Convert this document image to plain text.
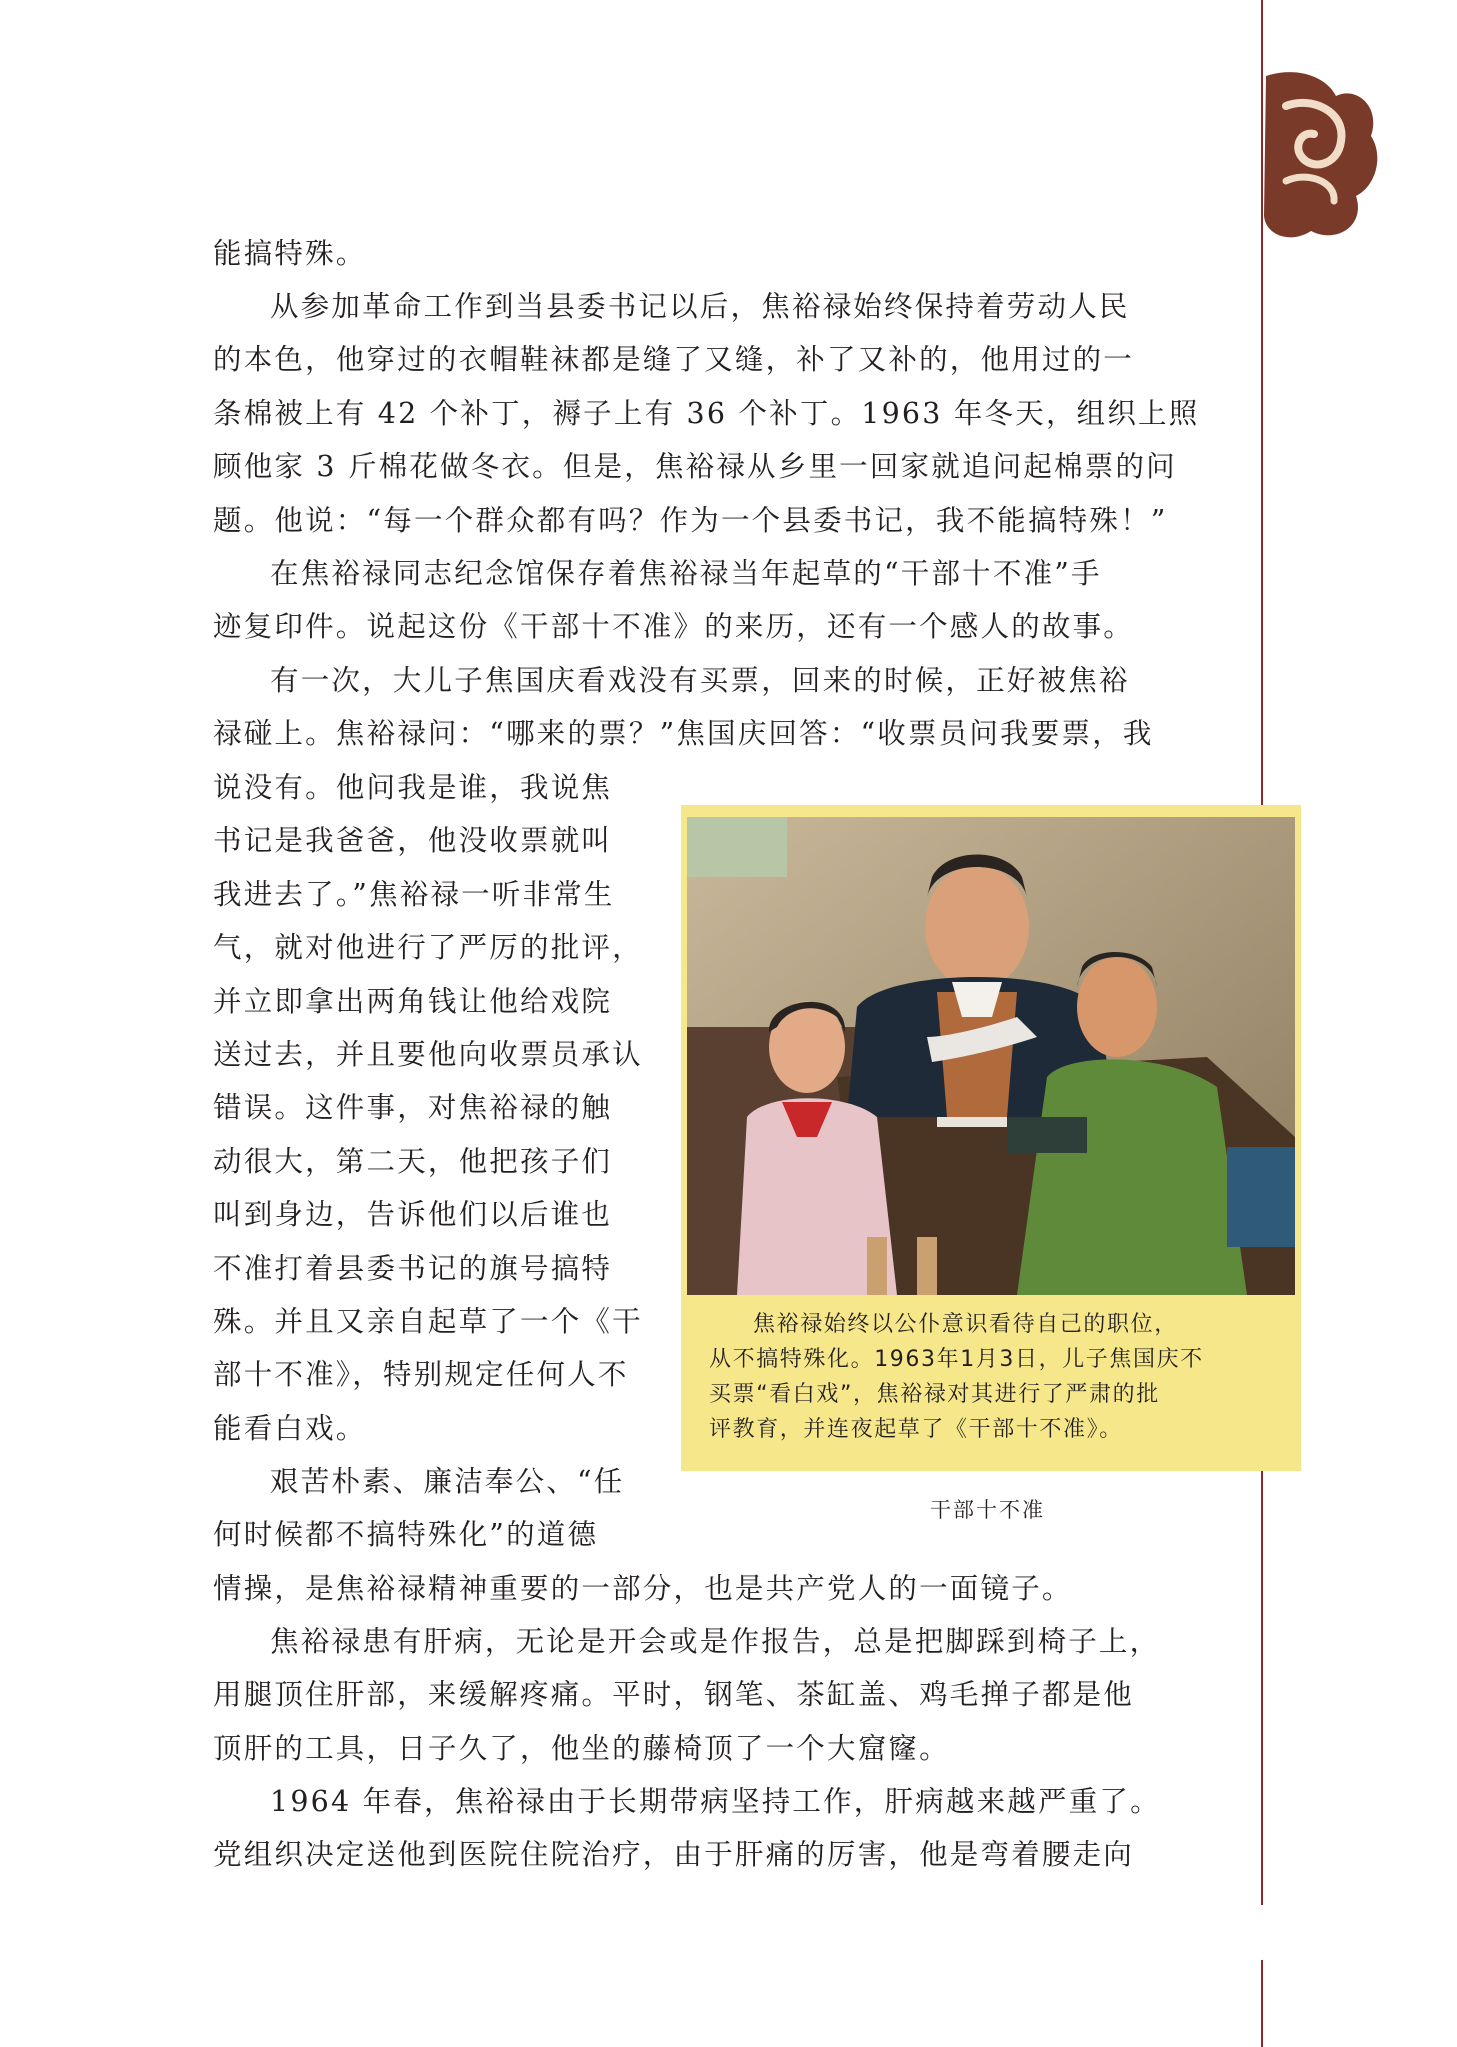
能搞特殊。
从参加革命工作到当县委书记以后，焦裕禄始终保持着劳动人民
的本色，他穿过的衣帽鞋袜都是缝了又缝，补了又补的，他用过的一
条棉被上有 42 个补丁，褥子上有 36 个补丁。1963 年冬天，组织上照
顾他家 3 斤棉花做冬衣。但是，焦裕禄从乡里一回家就追问起棉票的问
题。他说：“每一个群众都有吗？作为一个县委书记，我不能搞特殊！”
在焦裕禄同志纪念馆保存着焦裕禄当年起草的“干部十不准”手
迹复印件。说起这份《干部十不准》的来历，还有一个感人的故事。
有一次，大儿子焦国庆看戏没有买票，回来的时候，正好被焦裕
禄碰上。焦裕禄问：“哪来的票？”焦国庆回答：“收票员问我要票，我
说没有。他问我是谁，我说焦
书记是我爸爸，他没收票就叫
我进去了。”焦裕禄一听非常生
气，就对他进行了严厉的批评，
并立即拿出两角钱让他给戏院
送过去，并且要他向收票员承认
错误。这件事，对焦裕禄的触
动很大，第二天，他把孩子们
叫到身边，告诉他们以后谁也
不准打着县委书记的旗号搞特
殊。并且又亲自起草了一个《干
部十不准》，特别规定任何人不
能看白戏。
艰苦朴素、廉洁奉公、“任
何时候都不搞特殊化”的道德
情操，是焦裕禄精神重要的一部分，也是共产党人的一面镜子。
焦裕禄患有肝病，无论是开会或是作报告，总是把脚踩到椅子上，
用腿顶住肝部，来缓解疼痛。平时，钢笔、茶缸盖、鸡毛掸子都是他
顶肝的工具，日子久了，他坐的藤椅顶了一个大窟窿。
1964 年春，焦裕禄由于长期带病坚持工作，肝病越来越严重了。
党组织决定送他到医院住院治疗，由于肝痛的厉害，他是弯着腰走向
焦裕禄始终以公仆意识看待自己的职位，
从不搞特殊化。1963年1月3日，儿子焦国庆不
买票“看白戏”，焦裕禄对其进行了严肃的批
评教育，并连夜起草了《干部十不准》。
干部十不准
